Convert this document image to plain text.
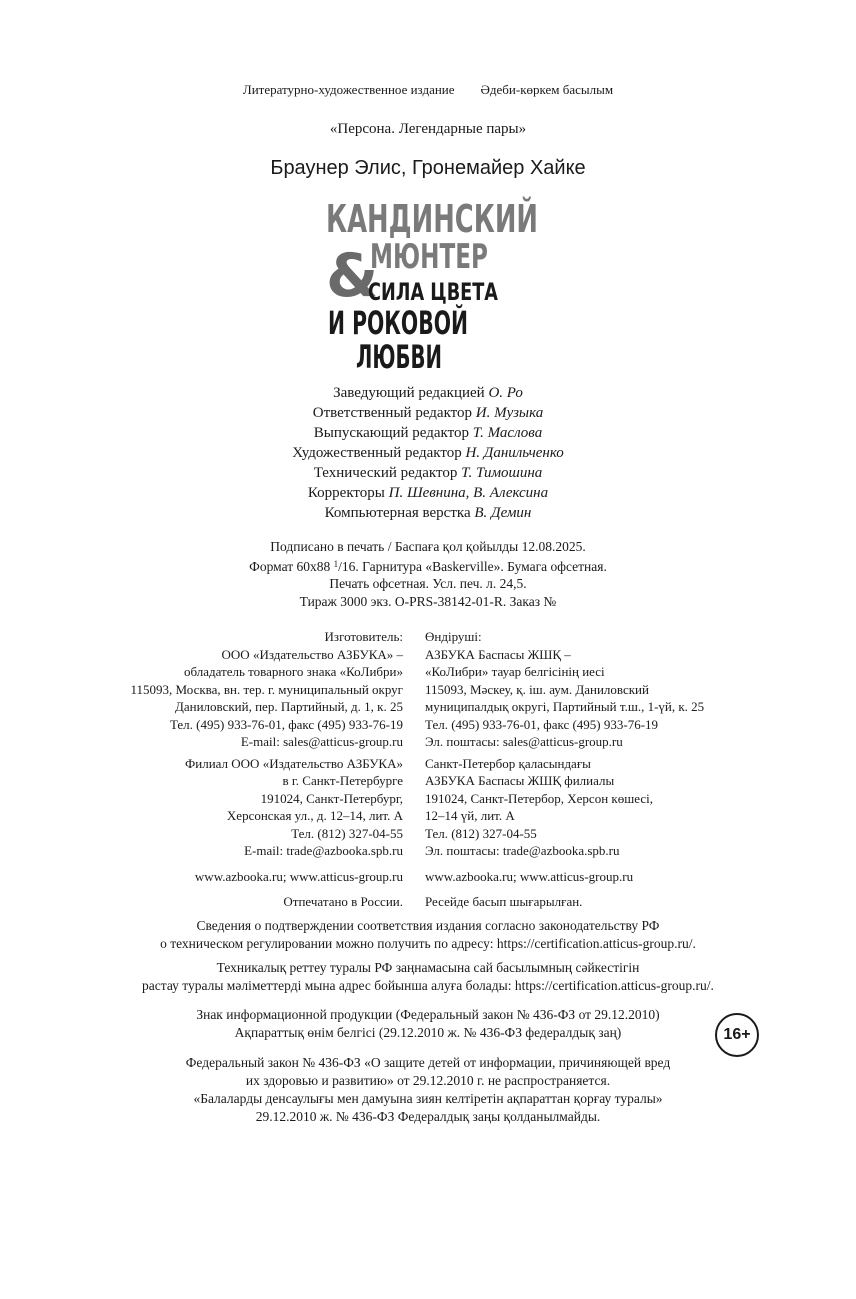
Литературно-художественное издание Әдеби-көркем басылым
«Персона. Легендарные пары»
Браунер Элис, Гронемайер Хайке
КАНДИНСКИЙ
&
МЮНТЕР
СИЛА ЦВЕТА
И РОКОВОЙ
ЛЮБВИ
Заведующий редакцией О. Ро
Ответственный редактор И. Музыка
Выпускающий редактор Т. Маслова
Художественный редактор Н. Данильченко
Технический редактор Т. Тимошина
Корректоры П. Шевнина, В. Алексина
Компьютерная верстка В. Демин
Подписано в печать / Баспаға қол қойылды 12.08.2025.
Формат 60x88 $^1$/16. Гарнитура «Baskerville». Бумага офсетная.
Печать офсетная. Усл. печ. л. 24,5.
Тираж 3000 экз. O-PRS-38142-01-R. Заказ №
Изготовитель:
ООО «Издательство АЗБУКА» –
обладатель товарного знака «КоЛибри»
115093, Москва, вн. тер. г. муниципальный округ
Даниловский, пер. Партийный, д. 1, к. 25
Тел. (495) 933-76-01, факс (495) 933-76-19
E-mail: sales@atticus-group.ru
Филиал ООО «Издательство АЗБУКА»
в г. Санкт-Петербурге
191024, Санкт-Петербург,
Херсонская ул., д. 12–14, лит. А
Тел. (812) 327-04-55
E-mail: trade@azbooka.spb.ru
www.azbooka.ru; www.atticus-group.ru
Отпечатано в России.
Өндіруші:
АЗБУКА Баспасы ЖШҚ –
«КоЛибри» тауар белгісінің иесі
115093, Мәскеу, қ. іш. аум. Даниловский
муниципалдық округі, Партийный т.ш., 1-үй, к. 25
Тел. (495) 933-76-01, факс (495) 933-76-19
Эл. поштасы: sales@atticus-group.ru
Санкт-Петербор қаласындағы
АЗБУКА Баспасы ЖШҚ филиалы
191024, Санкт-Петербор, Херсон көшесі,
12–14 үй, лит. А
Тел. (812) 327-04-55
Эл. поштасы: trade@azbooka.spb.ru
www.azbooka.ru; www.atticus-group.ru
Ресейде басып шығарылған.
Сведения о подтверждении соответствия издания согласно законодательству РФ
о техническом регулировании можно получить по адресу: https://certification.atticus-group.ru/.
Техникалық реттеу туралы РФ заңнамасына сай басылымның сәйкестігін
растау туралы мәліметтерді мына адрес бойынша алуға болады: https://certification.atticus-group.ru/.
Знак информационной продукции (Федеральный закон № 436-ФЗ от 29.12.2010)
Ақпараттық өнім белгісі (29.12.2010 ж. № 436-ФЗ федералдық заң)	16+
Федеральный закон № 436-ФЗ «О защите детей от информации, причиняющей вред
их здоровью и развитию» от 29.12.2010 г. не распространяется.
«Балаларды денсаулығы мен дамуына зиян келтіретін ақпараттан қорғау туралы»
29.12.2010 ж. № 436-ФЗ Федералдық заңы қолданылмайды.
